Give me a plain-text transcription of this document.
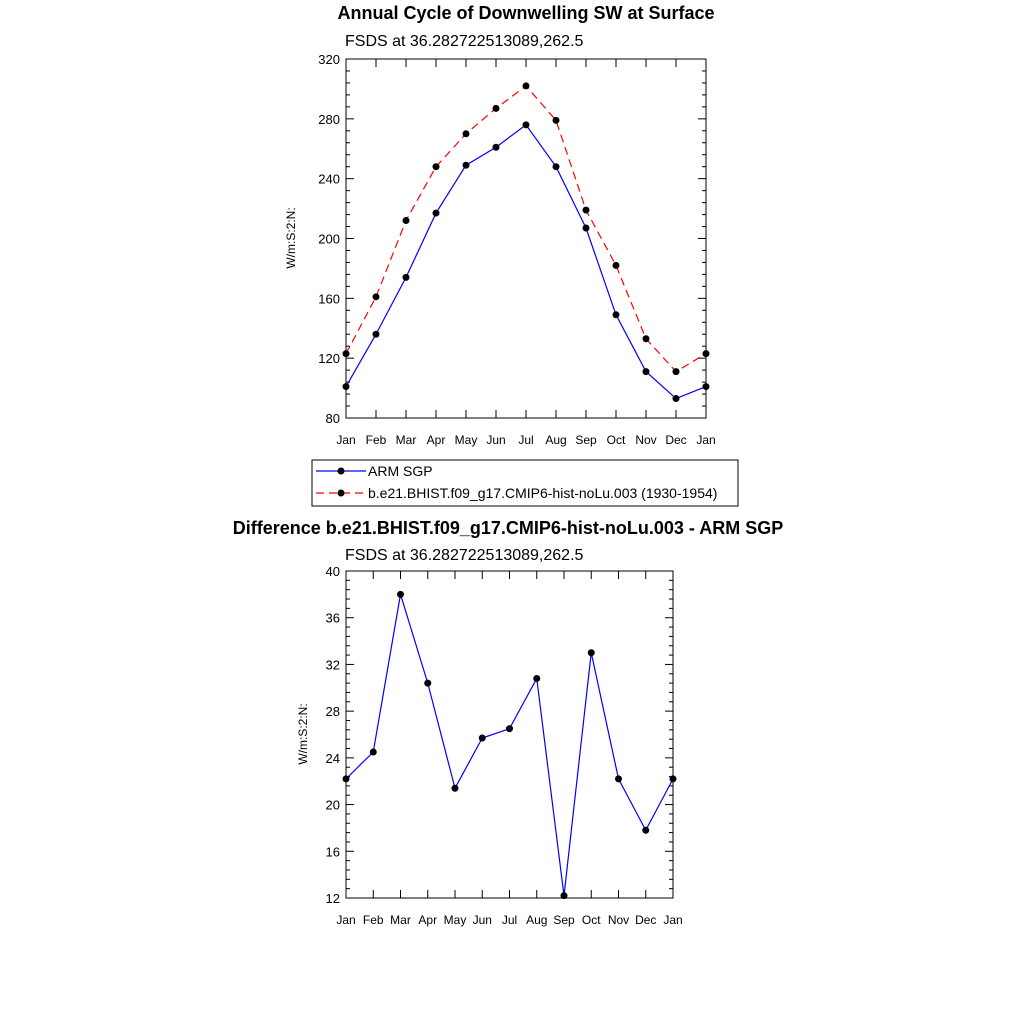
Annual Cycle of Downwelling SW at Surface
FSDS at 36.282722513089,262.5
W/m:S:2:N:
80
120
160
200
240
280
320
Jan Feb Mar Apr May Jun Jul Aug Sep Oct Nov Dec Jan
ARM SGP
b.e21.BHIST.f09_g17.CMIP6-hist-noLu.003 (1930-1954)
Difference b.e21.BHIST.f09_g17.CMIP6-hist-noLu.003 - ARM SGP
FSDS at 36.282722513089,262.5
W/m:S:2:N:
12
16
20
24
28
32
36
40
Jan Feb Mar Apr May Jun Jul Aug Sep Oct Nov Dec Jan
